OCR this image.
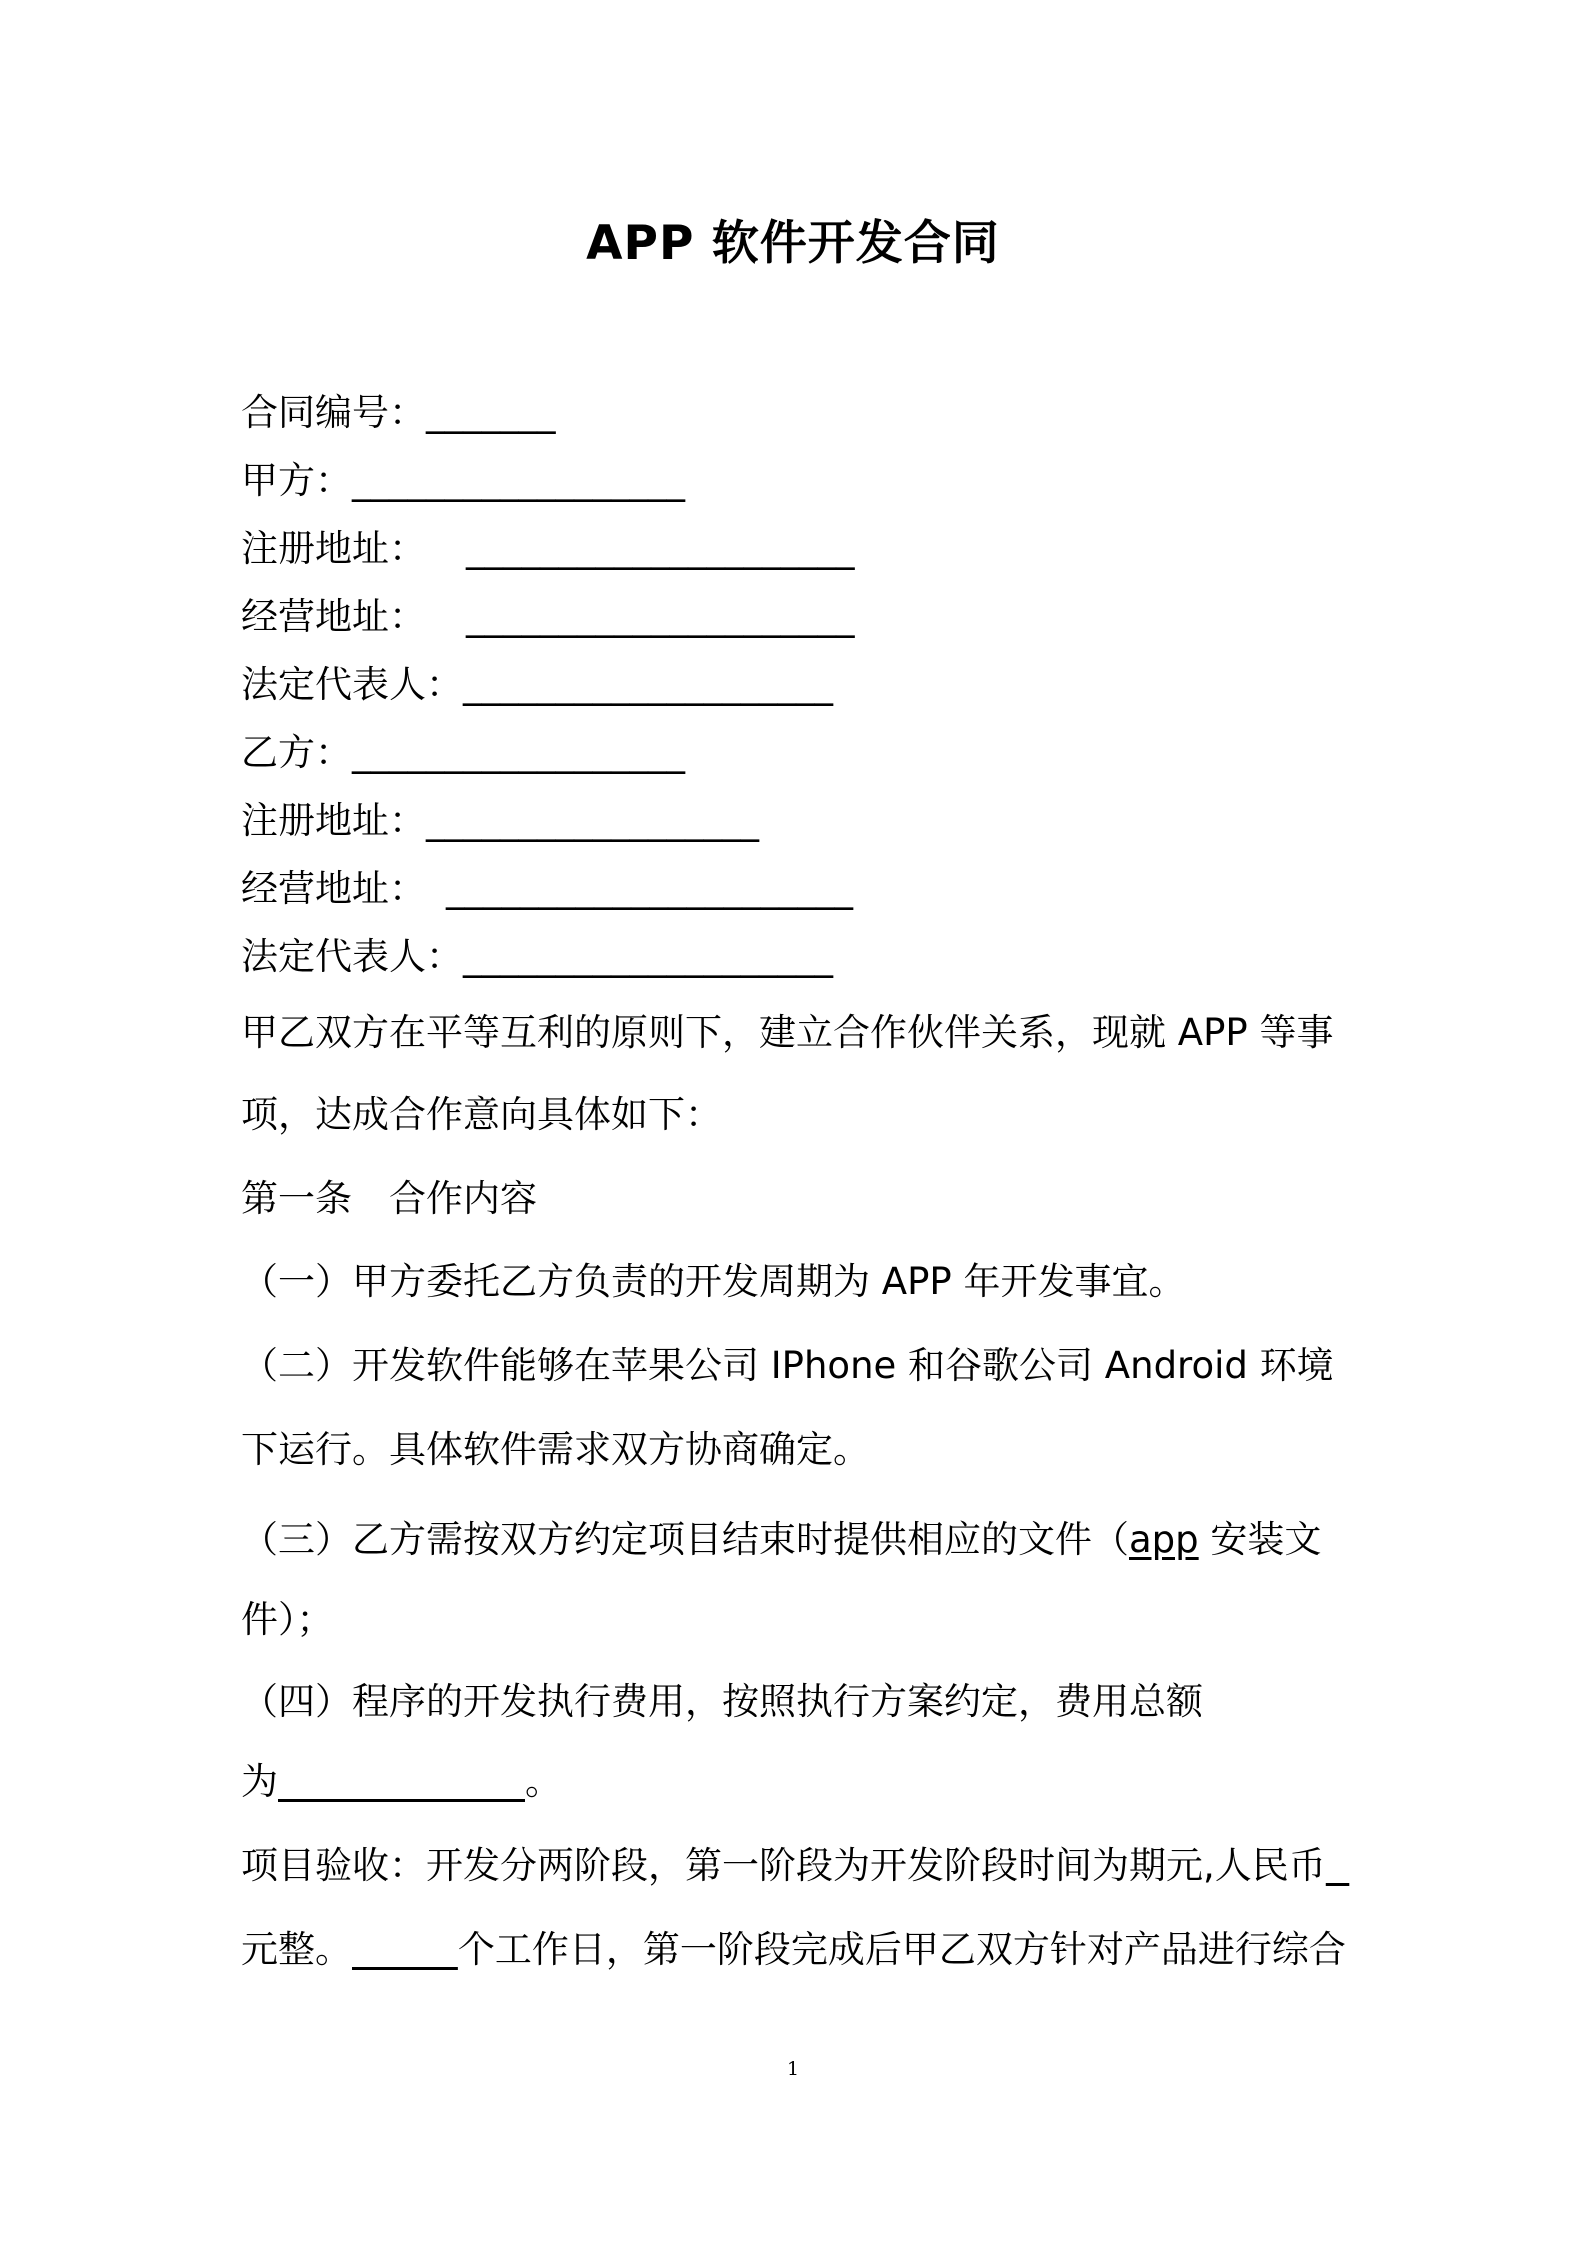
APP 软件开发合同
合同编号：_______
甲方：__________________
注册地址： _____________________
经营地址： _____________________
法定代表人：____________________
乙方：__________________
注册地址：__________________
经营地址： ______________________
法定代表人：____________________
甲乙双方在平等互利的原则下，建立合作伙伴关系，现就 APP 等事
项，达成合作意向具体如下：
第一条　合作内容
（一）甲方委托乙方负责的开发周期为 APP 年开发事宜。
（二）开发软件能够在苹果公司 IPhone 和谷歌公司 Android 环境
下运行。具体软件需求双方协商确定。
（三）乙方需按双方约定项目结束时提供相应的文件（app 安装文
件）；
（四）程序的开发执行费用，按照执行方案约定，费用总额
为	。
项目验收：开发分两阶段，第一阶段为开发阶段时间为期元,人民币
元整。	个工作日，第一阶段完成后甲乙双方针对产品进行综合
1
